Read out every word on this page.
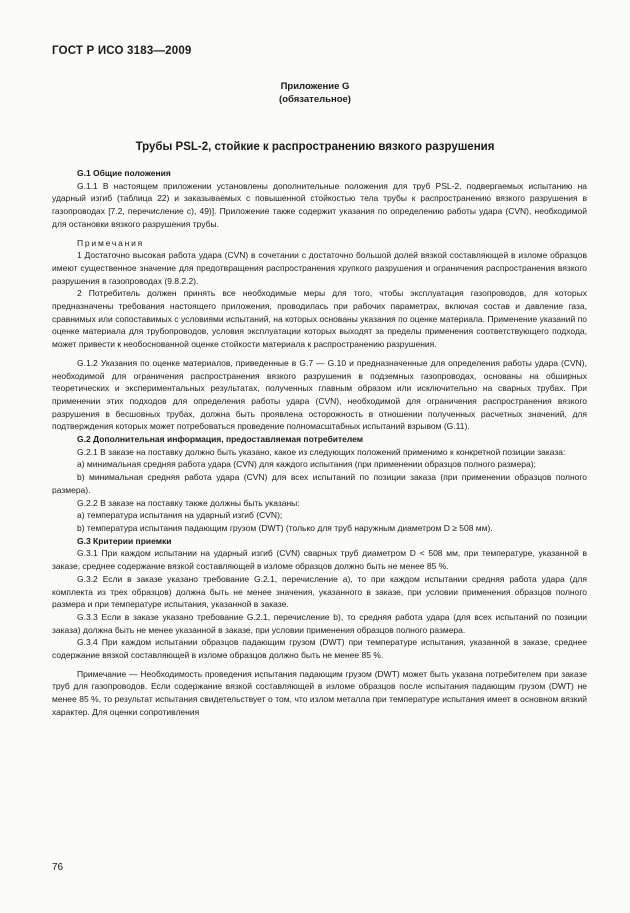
ГОСТ Р ИСО 3183—2009
Приложение G
(обязательное)
Трубы PSL-2, стойкие к распространению вязкого разрушения

G.1 Общие положения

G.1.1 В настоящем приложении установлены дополнительные положения для труб PSL-2, подвергаемых испытанию на ударный изгиб (таблица 22) и заказываемых с повышенной стойкостью тела трубы к распространению вязкого разрушения в газопроводах [7.2, перечисление c), 49)]. Приложение также содержит указания по определению работы удара (CVN), необходимой для остановки вязкого разрушения трубы.

Примечания

1 Достаточно высокая работа удара (CVN) в сочетании с достаточно большой долей вязкой составляющей в изломе образцов имеют существенное значение для предотвращения распространения хрупкого разрушения и ограничения распространения вязкого разрушения в газопроводах (9.8.2.2).

2 Потребитель должен принять все необходимые меры для того, чтобы эксплуатация газопроводов, для которых предназначены требования настоящего приложения, проводилась при рабочих параметрах, включая состав и давление газа, сравнимых или сопоставимых с условиями испытаний, на которых основаны указания по оценке материала. Применение указаний по оценке материала для трубопроводов, условия эксплуатации которых выходят за пределы применения соответствующего подхода, может привести к необоснованной оценке стойкости материала к распространению разрушения.

G.1.2 Указания по оценке материалов, приведенные в G.7 — G.10 и предназначенные для определения работы удара (CVN), необходимой для ограничения распространения вязкого разрушения в подземных газопроводах, основаны на обширных теоретических и экспериментальных результатах, полученных главным образом или исключительно на сварных трубах. При применении этих подходов для определения работы удара (CVN), необходимой для ограничения распространения вязкого разрушения в бесшовных трубах, должна быть проявлена осторожность в отношении полученных расчетных значений, для подтверждения которых может потребоваться проведение полномасштабных испытаний взрывом (G.11).

G.2 Дополнительная информация, предоставляемая потребителем

G.2.1 В заказе на поставку должно быть указано, какое из следующих положений применимо к конкретной позиции заказа:

a) минимальная средняя работа удара (CVN) для каждого испытания (при применении образцов полного размера);

b) минимальная средняя работа удара (CVN) для всех испытаний по позиции заказа (при применении образцов полного размера).

G.2.2 В заказе на поставку также должны быть указаны:

a) температура испытания на ударный изгиб (CVN);

b) температура испытания падающим грузом (DWT) (только для труб наружным диаметром D ≥ 508 мм).

G.3 Критерии приемки

G.3.1 При каждом испытании на ударный изгиб (CVN) сварных труб диаметром D < 508 мм, при температуре, указанной в заказе, среднее содержание вязкой составляющей в изломе образцов должно быть не менее 85 %.

G.3.2 Если в заказе указано требование G.2.1, перечисление a), то при каждом испытании средняя работа удара (для комплекта из трех образцов) должна быть не менее значения, указанного в заказе, при условии применения образцов полного размера и при температуре испытания, указанной в заказе.

G.3.3 Если в заказе указано требование G.2.1, перечисление b), то средняя работа удара (для всех испытаний по позиции заказа) должна быть не менее указанной в заказе, при условии применения образцов полного размера.

G.3.4 При каждом испытании образцов падающим грузом (DWT) при температуре испытания, указанной в заказе, среднее содержание вязкой составляющей в изломе образцов должно быть не менее 85 %.

Примечание — Необходимость проведения испытания падающим грузом (DWT) может быть указана потребителем при заказе труб для газопроводов. Если содержание вязкой составляющей в изломе образцов после испытания падающим грузом (DWT) не менее 85 %, то результат испытания свидетельствует о том, что излом металла при температуре испытания имеет в основном вязкий характер. Для оценки сопротивления

76
